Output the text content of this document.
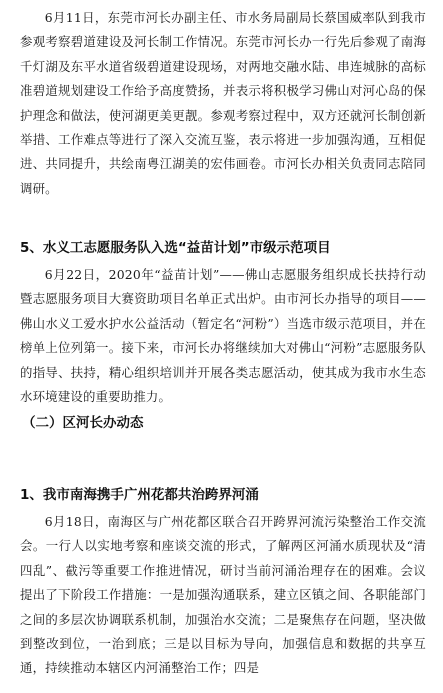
6月11日，东莞市河长办副主任、市水务局副局长蔡国威率队到我市参观考察碧道建设及河长制工作情况。东莞市河长办一行先后参观了南海千灯湖及东平水道省级碧道建设现场，对两地交融水陆、串连城脉的高标准碧道规划建设工作给予高度赞扬，并表示将积极学习佛山对河心岛的保护理念和做法，使河湖更美更靓。参观考察过程中，双方还就河长制创新举措、工作难点等进行了深入交流互鉴，表示将进一步加强沟通，互相促进、共同提升，共绘南粤江湖美的宏伟画卷。市河长办相关负责同志陪同调研。

5、水义工志愿服务队入选“益苗计划”市级示范项目

6月22日，2020年“益苗计划”——佛山志愿服务组织成长扶持行动暨志愿服务项目大赛资助项目名单正式出炉。由市河长办指导的项目——佛山水义工爱水护水公益活动（暂定名“河粉”）当选市级示范项目，并在榜单上位列第一。接下来，市河长办将继续加大对佛山“河粉”志愿服务队的指导、扶持，精心组织培训并开展各类志愿活动，使其成为我市水生态水环境建设的重要助推力。

（二）区河长办动态
1、我市南海携手广州花都共治跨界河涌

6月18日，南海区与广州花都区联合召开跨界河流污染整治工作交流会。一行人以实地考察和座谈交流的形式，了解两区河涌水质现状及“清四乱”、截污等重要工作推进情况，研讨当前河涌治理存在的困难。会议提出了下阶段工作措施：一是加强沟通联系，建立区镇之间、各职能部门之间的多层次协调联系机制，加强治水交流；二是聚焦存在问题，坚决做到整改到位，一治到底；三是以目标为导向，加强信息和数据的共享互通，持续推动本辖区内河涌整治工作；四是
